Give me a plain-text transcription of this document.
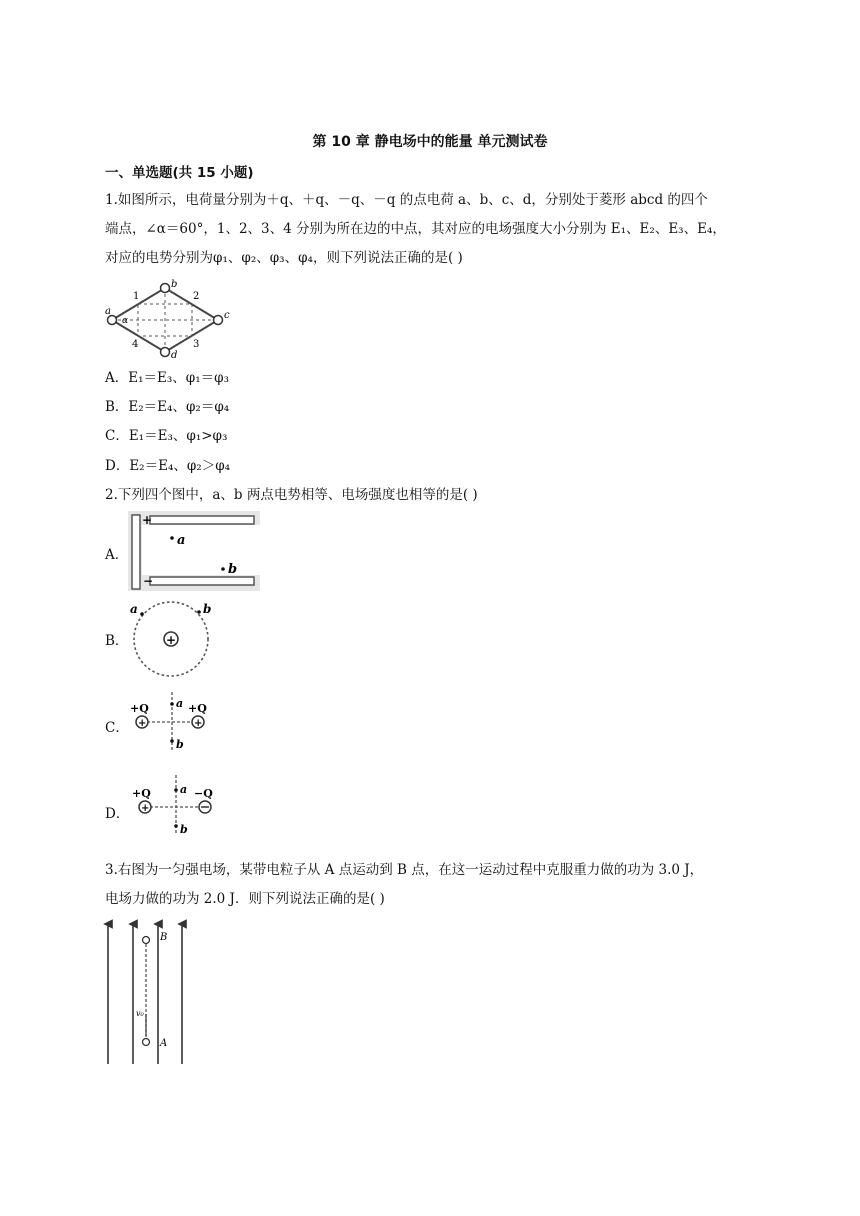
第 10 章 静电场中的能量 单元测试卷
一、单选题(共 15 小题)
1.如图所示，电荷量分别为＋q、＋q、－q、－q 的点电荷 a、b、c、d，分别处于菱形 abcd 的四个
端点，∠α＝60°，1、2、3、4 分别为所在边的中点，其对应的电场强度大小分别为 E₁、E₂、E₃、E₄，
对应的电势分别为φ₁、φ₂、φ₃、φ₄，则下列说法正确的是( )
a
b
c
d
α
1	2
3
4
A．E₁＝E₃、φ₁＝φ₃
B．E₂＝E₄、φ₂＝φ₄
C．E₁＝E₃、φ₁>φ₃
D．E₂＝E₄、φ₂＞φ₄
2.下列四个图中，a、b 两点电势相等、电场强度也相等的是( )
A．
+
−
a
b
B．	+
a	b
C． +	+
+Q	+Q
a
b
D． +
+Q	−Q
a
b
3.右图为一匀强电场，某带电粒子从 A 点运动到 B 点，在这一运动过程中克服重力做的功为 3.0 J，
电场力做的功为 2.0 J．则下列说法正确的是( )
B
A
v₀
